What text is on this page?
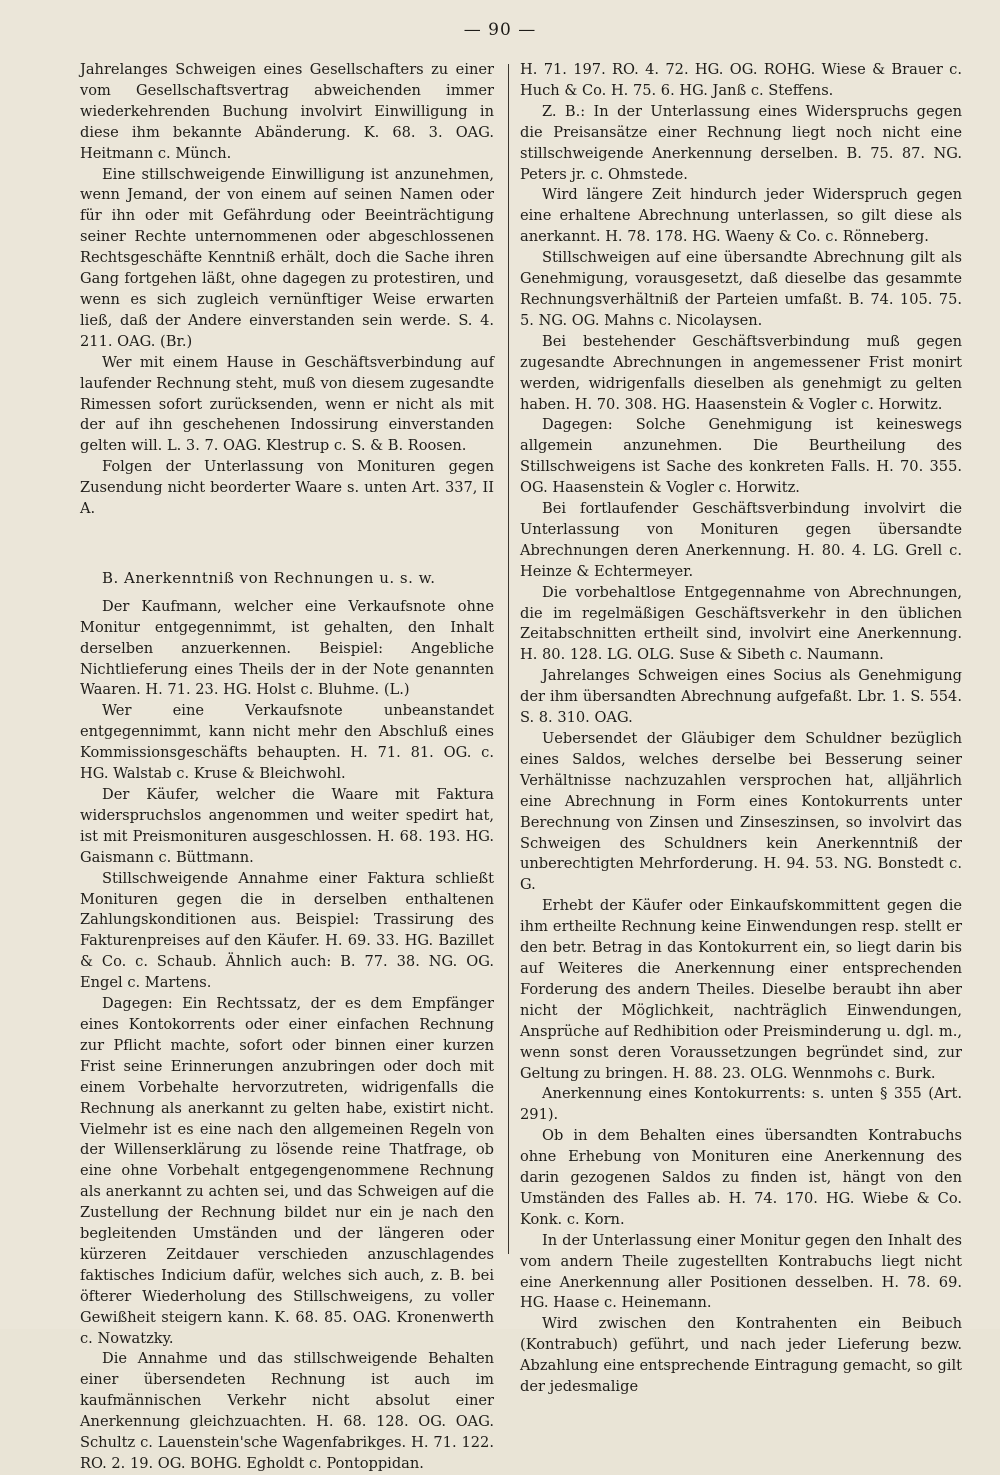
— 90 —

Jahrelanges Schweigen eines Gesellschafters zu einer vom Gesellschaftsvertrag abweichenden immer wiederkehrenden Buchung involvirt Einwilligung in diese ihm bekannte Abänderung. K. 68. 3. OAG. Heitmann c. Münch.

Eine stillschweigende Einwilligung ist anzunehmen, wenn Jemand, der von einem auf seinen Namen oder für ihn oder mit Gefährdung oder Beeinträchtigung seiner Rechte unternommenen oder abgeschlossenen Rechtsgeschäfte Kenntniß erhält, doch die Sache ihren Gang fortgehen läßt, ohne dagegen zu protestiren, und wenn es sich zugleich vernünftiger Weise erwarten ließ, daß der Andere einverstanden sein werde. S. 4. 211. OAG. (Br.)

Wer mit einem Hause in Geschäftsverbindung auf laufender Rechnung steht, muß von diesem zugesandte Rimessen sofort zurücksenden, wenn er nicht als mit der auf ihn geschehenen Indossirung einverstanden gelten will. L. 3. 7. OAG. Klestrup c. S. & B. Roosen.

Folgen der Unterlassung von Monituren gegen Zusendung nicht beorderter Waare s. unten Art. 337, II A.

B. Anerkenntniß von Rechnungen u. s. w.

Der Kaufmann, welcher eine Verkaufsnote ohne Monitur entgegennimmt, ist gehalten, den Inhalt derselben anzuerkennen. Beispiel: Angebliche Nichtlieferung eines Theils der in der Note genannten Waaren. H. 71. 23. HG. Holst c. Bluhme. (L.)

Wer eine Verkaufsnote unbeanstandet entgegennimmt, kann nicht mehr den Abschluß eines Kommissionsgeschäfts behaupten. H. 71. 81. OG. c. HG. Walstab c. Kruse & Bleichwohl.

Der Käufer, welcher die Waare mit Faktura widerspruchslos angenommen und weiter spedirt hat, ist mit Preismonituren ausgeschlossen. H. 68. 193. HG. Gaismann c. Büttmann.

Stillschweigende Annahme einer Faktura schließt Monituren gegen die in derselben enthaltenen Zahlungskonditionen aus. Beispiel: Trassirung des Fakturenpreises auf den Käufer. H. 69. 33. HG. Bazillet & Co. c. Schaub. Ähnlich auch: B. 77. 38. NG. OG. Engel c. Martens.

Dagegen: Ein Rechtssatz, der es dem Empfänger eines Kontokorrents oder einer einfachen Rechnung zur Pflicht machte, sofort oder binnen einer kurzen Frist seine Erinnerungen anzubringen oder doch mit einem Vorbehalte hervorzutreten, widrigenfalls die Rechnung als anerkannt zu gelten habe, existirt nicht. Vielmehr ist es eine nach den allgemeinen Regeln von der Willenserklärung zu lösende reine Thatfrage, ob eine ohne Vorbehalt entgegengenommene Rechnung als anerkannt zu achten sei, und das Schweigen auf die Zustellung der Rechnung bildet nur ein je nach den begleitenden Umständen und der längeren oder kürzeren Zeitdauer verschieden anzuschlagendes faktisches Indicium dafür, welches sich auch, z. B. bei öfterer Wiederholung des Stillschweigens, zu voller Gewißheit steigern kann. K. 68. 85. OAG. Kronenwerth c. Nowatzky.

Die Annahme und das stillschweigende Behalten einer übersendeten Rechnung ist auch im kaufmännischen Verkehr nicht absolut einer Anerkennung gleichzuachten. H. 68. 128. OG. OAG. Schultz c. Lauenstein'sche Wagenfabrikges. H. 71. 122. RO. 2. 19. OG. BOHG. Egholdt c. Pontoppidan.

H. 71. 197. RO. 4. 72. HG. OG. ROHG. Wiese & Brauer c. Huch & Co. H. 75. 6. HG. Janß c. Steffens.

Z. B.: In der Unterlassung eines Widerspruchs gegen die Preisansätze einer Rechnung liegt noch nicht eine stillschweigende Anerkennung derselben. B. 75. 87. NG. Peters jr. c. Ohmstede.

Wird längere Zeit hindurch jeder Widerspruch gegen eine erhaltene Abrechnung unterlassen, so gilt diese als anerkannt. H. 78. 178. HG. Waeny & Co. c. Rönneberg.

Stillschweigen auf eine übersandte Abrechnung gilt als Genehmigung, vorausgesetzt, daß dieselbe das gesammte Rechnungsverhältniß der Parteien umfaßt. B. 74. 105. 75. 5. NG. OG. Mahns c. Nicolaysen.

Bei bestehender Geschäftsverbindung muß gegen zugesandte Abrechnungen in angemessener Frist monirt werden, widrigenfalls dieselben als genehmigt zu gelten haben. H. 70. 308. HG. Haasenstein & Vogler c. Horwitz.

Dagegen: Solche Genehmigung ist keineswegs allgemein anzunehmen. Die Beurtheilung des Stillschweigens ist Sache des konkreten Falls. H. 70. 355. OG. Haasenstein & Vogler c. Horwitz.

Bei fortlaufender Geschäftsverbindung involvirt die Unterlassung von Monituren gegen übersandte Abrechnungen deren Anerkennung. H. 80. 4. LG. Grell c. Heinze & Echtermeyer.

Die vorbehaltlose Entgegennahme von Abrechnungen, die im regelmäßigen Geschäftsverkehr in den üblichen Zeitabschnitten ertheilt sind, involvirt eine Anerkennung. H. 80. 128. LG. OLG. Suse & Sibeth c. Naumann.

Jahrelanges Schweigen eines Socius als Genehmigung der ihm übersandten Abrechnung aufgefaßt. Lbr. 1. S. 554. S. 8. 310. OAG.

Uebersendet der Gläubiger dem Schuldner bezüglich eines Saldos, welches derselbe bei Besserung seiner Verhältnisse nachzuzahlen versprochen hat, alljährlich eine Abrechnung in Form eines Kontokurrents unter Berechnung von Zinsen und Zinseszinsen, so involvirt das Schweigen des Schuldners kein Anerkenntniß der unberechtigten Mehrforderung. H. 94. 53. NG. Bonstedt c. G.

Erhebt der Käufer oder Einkaufskommittent gegen die ihm ertheilte Rechnung keine Einwendungen resp. stellt er den betr. Betrag in das Kontokurrent ein, so liegt darin bis auf Weiteres die Anerkennung einer entsprechenden Forderung des andern Theiles. Dieselbe beraubt ihn aber nicht der Möglichkeit, nachträglich Einwendungen, Ansprüche auf Redhibition oder Preisminderung u. dgl. m., wenn sonst deren Voraussetzungen begründet sind, zur Geltung zu bringen. H. 88. 23. OLG. Wennmohs c. Burk.

Anerkennung eines Kontokurrents: s. unten § 355 (Art. 291).

Ob in dem Behalten eines übersandten Kontrabuchs ohne Erhebung von Monituren eine Anerkennung des darin gezogenen Saldos zu finden ist, hängt von den Umständen des Falles ab. H. 74. 170. HG. Wiebe & Co. Konk. c. Korn.

In der Unterlassung einer Monitur gegen den Inhalt des vom andern Theile zugestellten Kontrabuchs liegt nicht eine Anerkennung aller Positionen desselben. H. 78. 69. HG. Haase c. Heinemann.

Wird zwischen den Kontrahenten ein Beibuch (Kontrabuch) geführt, und nach jeder Lieferung bezw. Abzahlung eine entsprechende Eintragung gemacht, so gilt der jedesmalige
